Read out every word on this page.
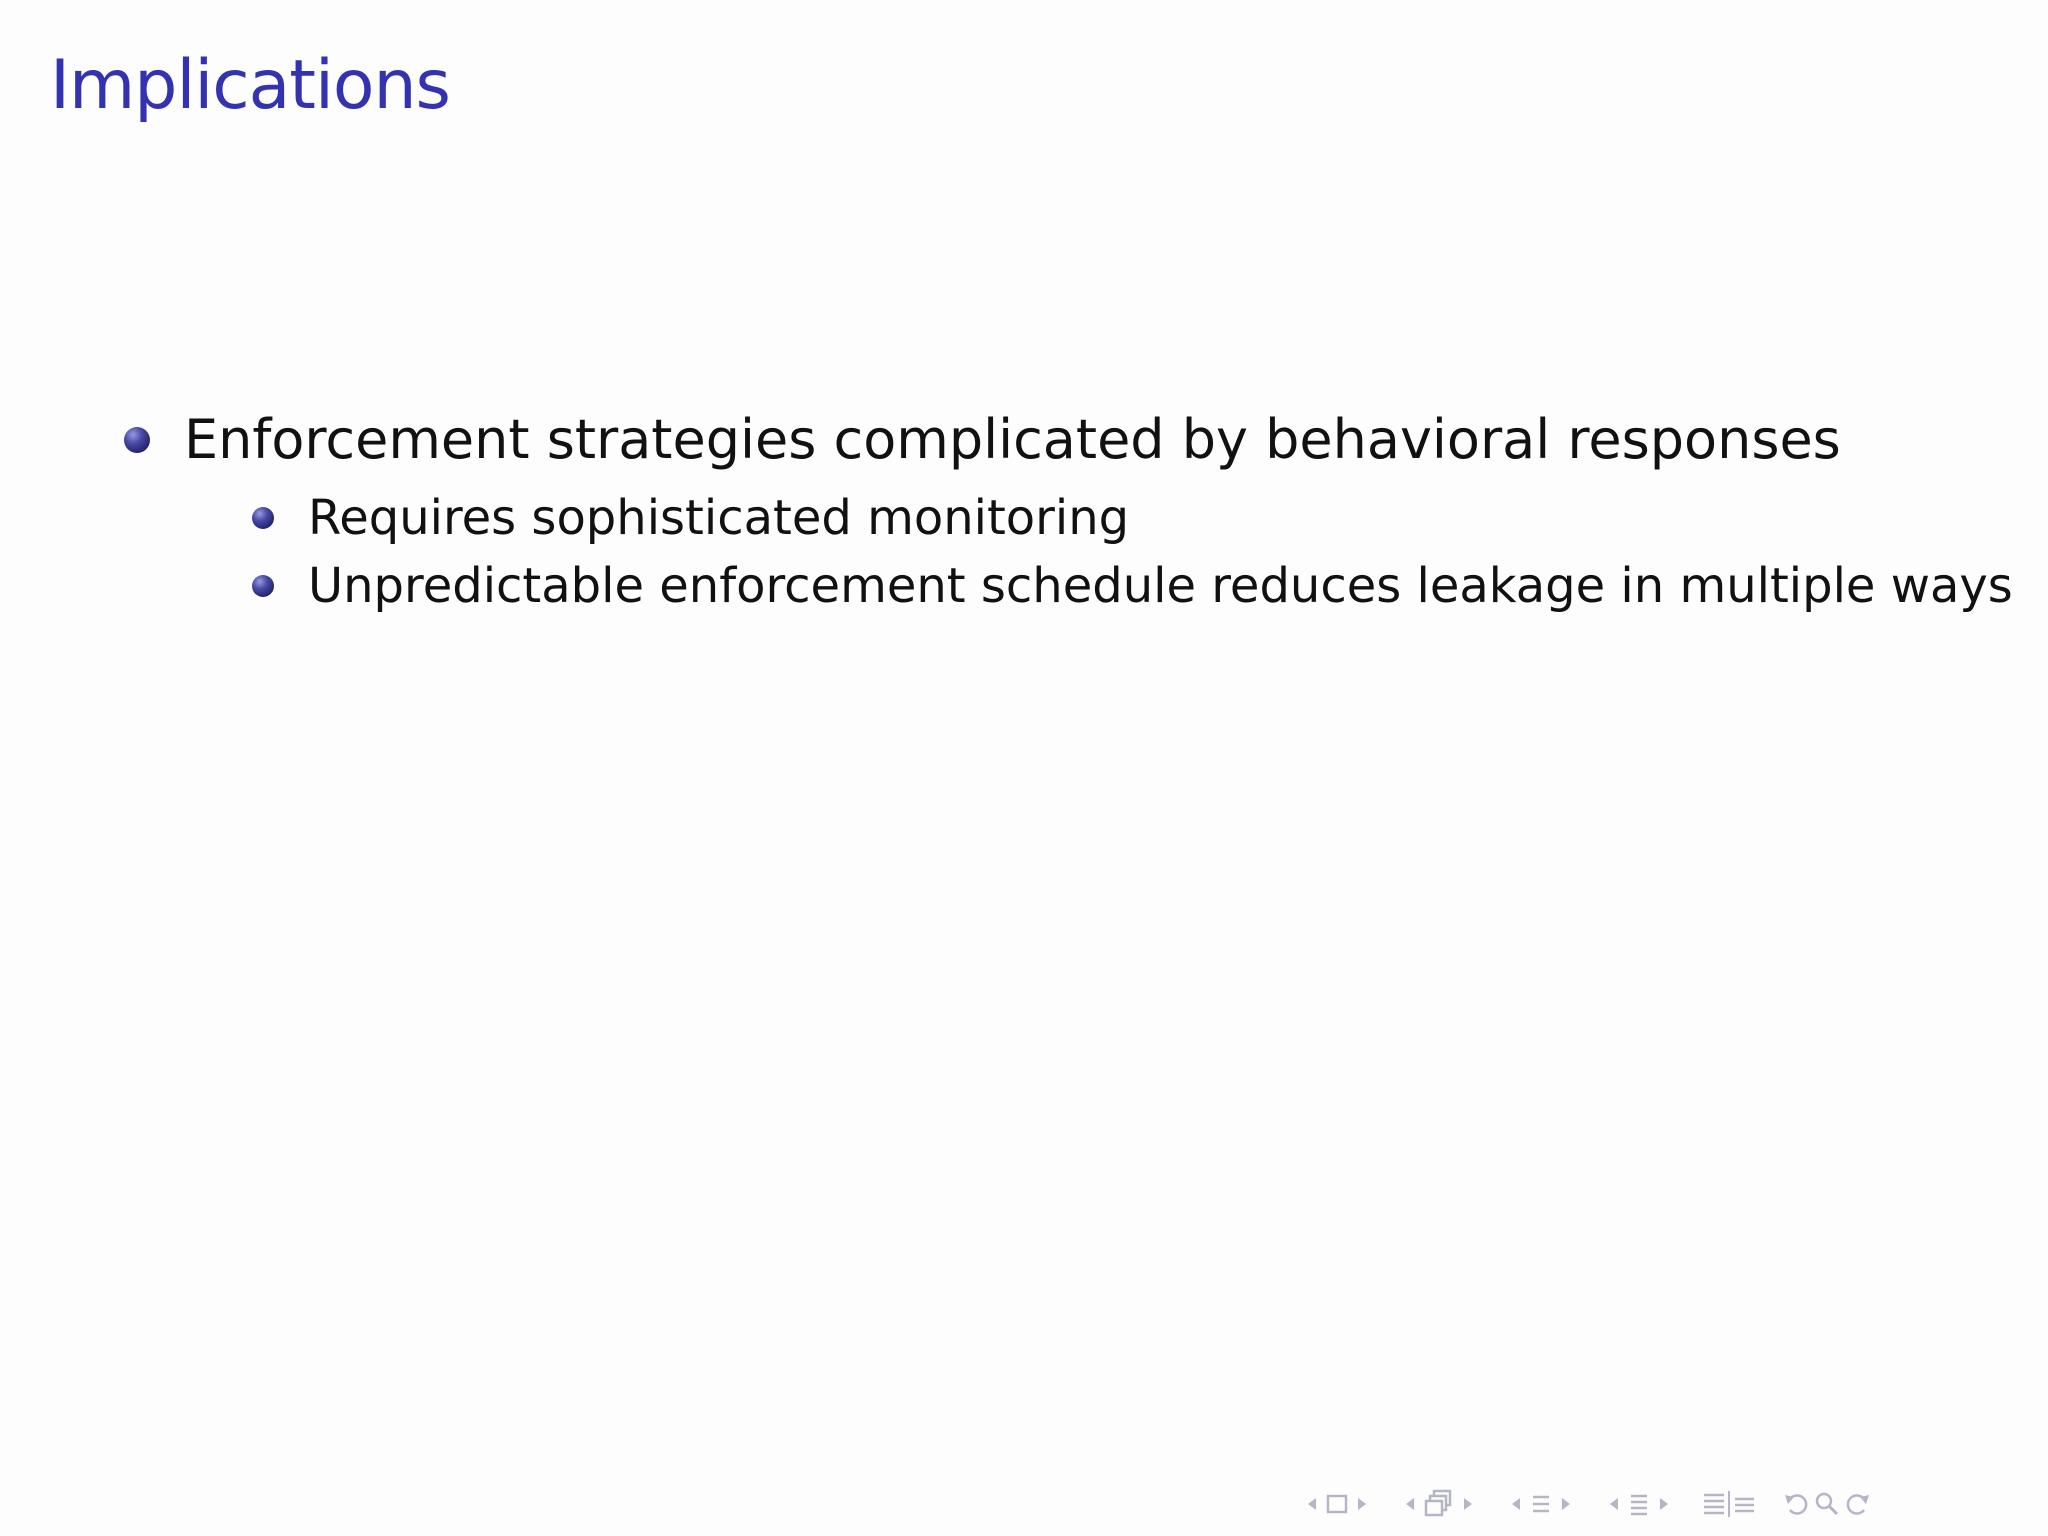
Implications
Enforcement strategies complicated by behavioral responses
Requires sophisticated monitoring
Unpredictable enforcement schedule reduces leakage in multiple ways
